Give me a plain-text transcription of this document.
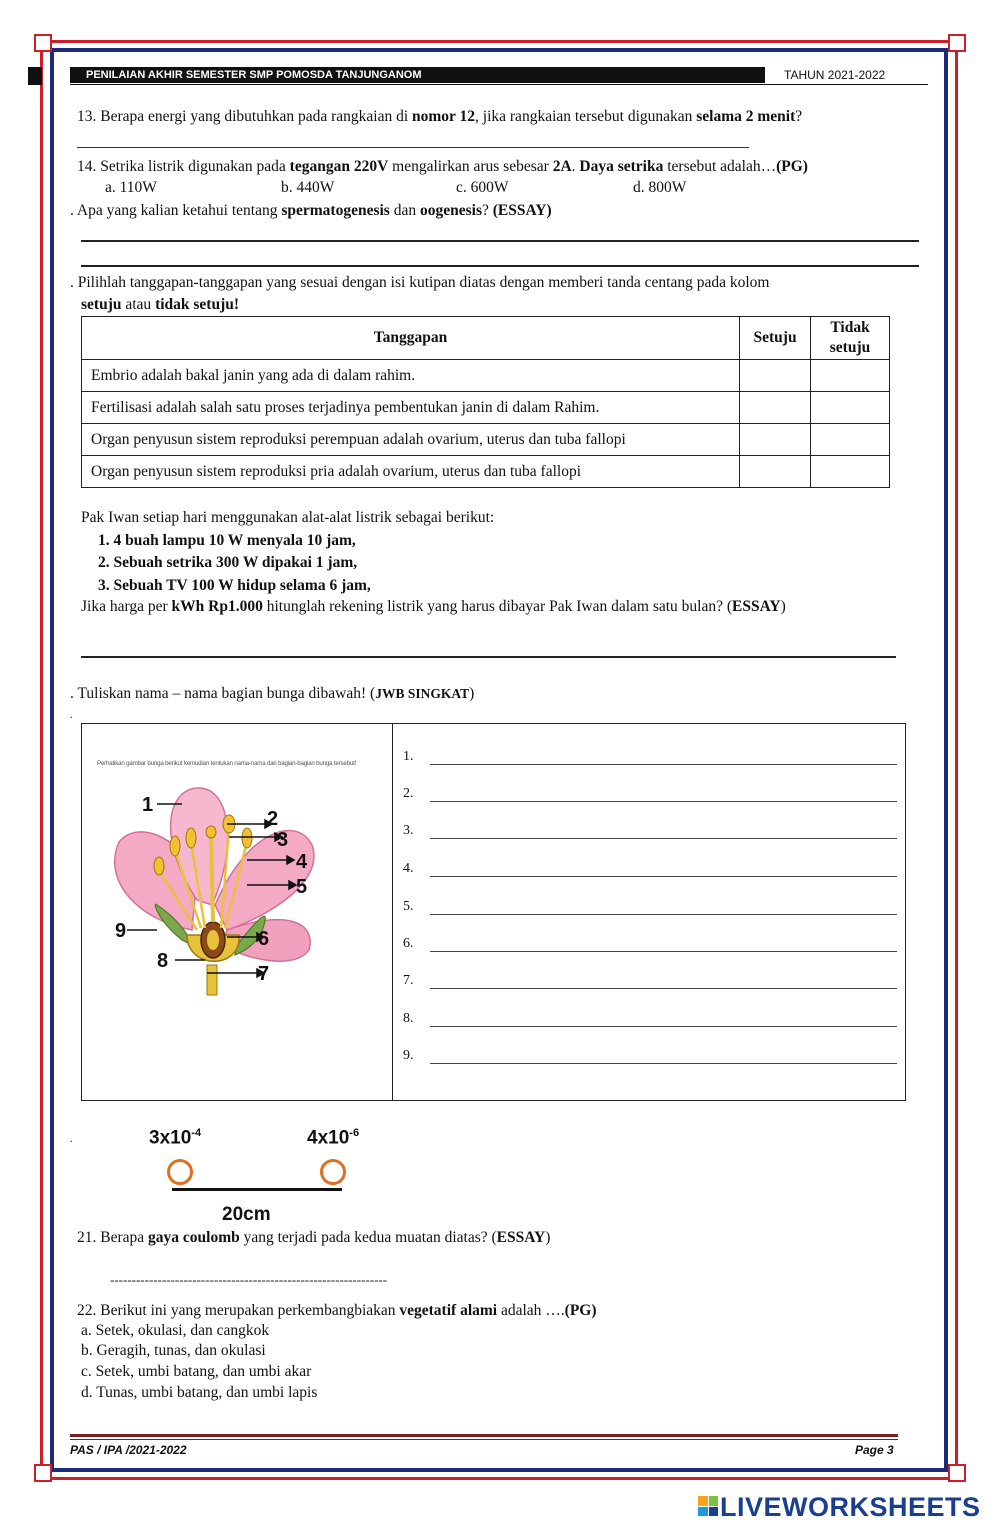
PENILAIAN AKHIR SEMESTER SMP POMOSDA TANJUNGANOM	TAHUN 2021-2022
13. Berapa energi yang dibutuhkan pada rangkaian di nomor 12, jika rangkaian tersebut digunakan selama 2 menit?
14. Setrika listrik digunakan pada tegangan 220V mengalirkan arus sebesar 2A. Daya setrika tersebut adalah…(PG)
a. 110W	b. 440W	c. 600W	d. 800W
. Apa yang kalian ketahui tentang spermatogenesis dan oogenesis? (ESSAY)
. Pilihlah tanggapan-tanggapan yang sesuai dengan isi kutipan diatas dengan memberi tanda centang pada kolom
setuju atau tidak setuju!
Tanggapan	Setuju	Tidak setuju
Embrio adalah bakal janin yang ada di dalam rahim.		
Fertilisasi adalah salah satu proses terjadinya pembentukan janin di dalam Rahim.		
Organ penyusun sistem reproduksi perempuan adalah ovarium, uterus dan tuba fallopi		
Organ penyusun sistem reproduksi pria adalah ovarium, uterus dan tuba fallopi		
Pak Iwan setiap hari menggunakan alat-alat listrik sebagai berikut:
1. 4 buah lampu 10 W menyala 10 jam,
2. Sebuah setrika 300 W dipakai 1 jam,
3. Sebuah TV 100 W hidup selama 6 jam,
Jika harga per kWh Rp1.000 hitunglah rekening listrik yang harus dibayar Pak Iwan dalam satu bulan? (ESSAY)
. Tuliskan nama – nama bagian bunga dibawah! (JWB SINGKAT)
.
Perhatikan gambar bunga berikut kemudian tentukan nama-nama dari bagian-bagian bunga tersebut!
1
2
3
4
5
6
7
8
9
1.
2.
3.
4.
5.
6.
7.
8.
9.
.	$3x10^{-4}$	$4x10^{-6}$
20cm
21. Berapa gaya coulomb yang terjadi pada kedua muatan diatas? (ESSAY)
----------------------------------------------------------------
22. Berikut ini yang merupakan perkembangbiakan vegetatif alami adalah ….(PG)
a. Setek, okulasi, dan cangkok
b. Geragih, tunas, dan okulasi
c. Setek, umbi batang, dan umbi akar
d. Tunas, umbi batang, dan umbi lapis
PAS / IPA /2021-2022	Page 3
LIVEWORKSHEETS
